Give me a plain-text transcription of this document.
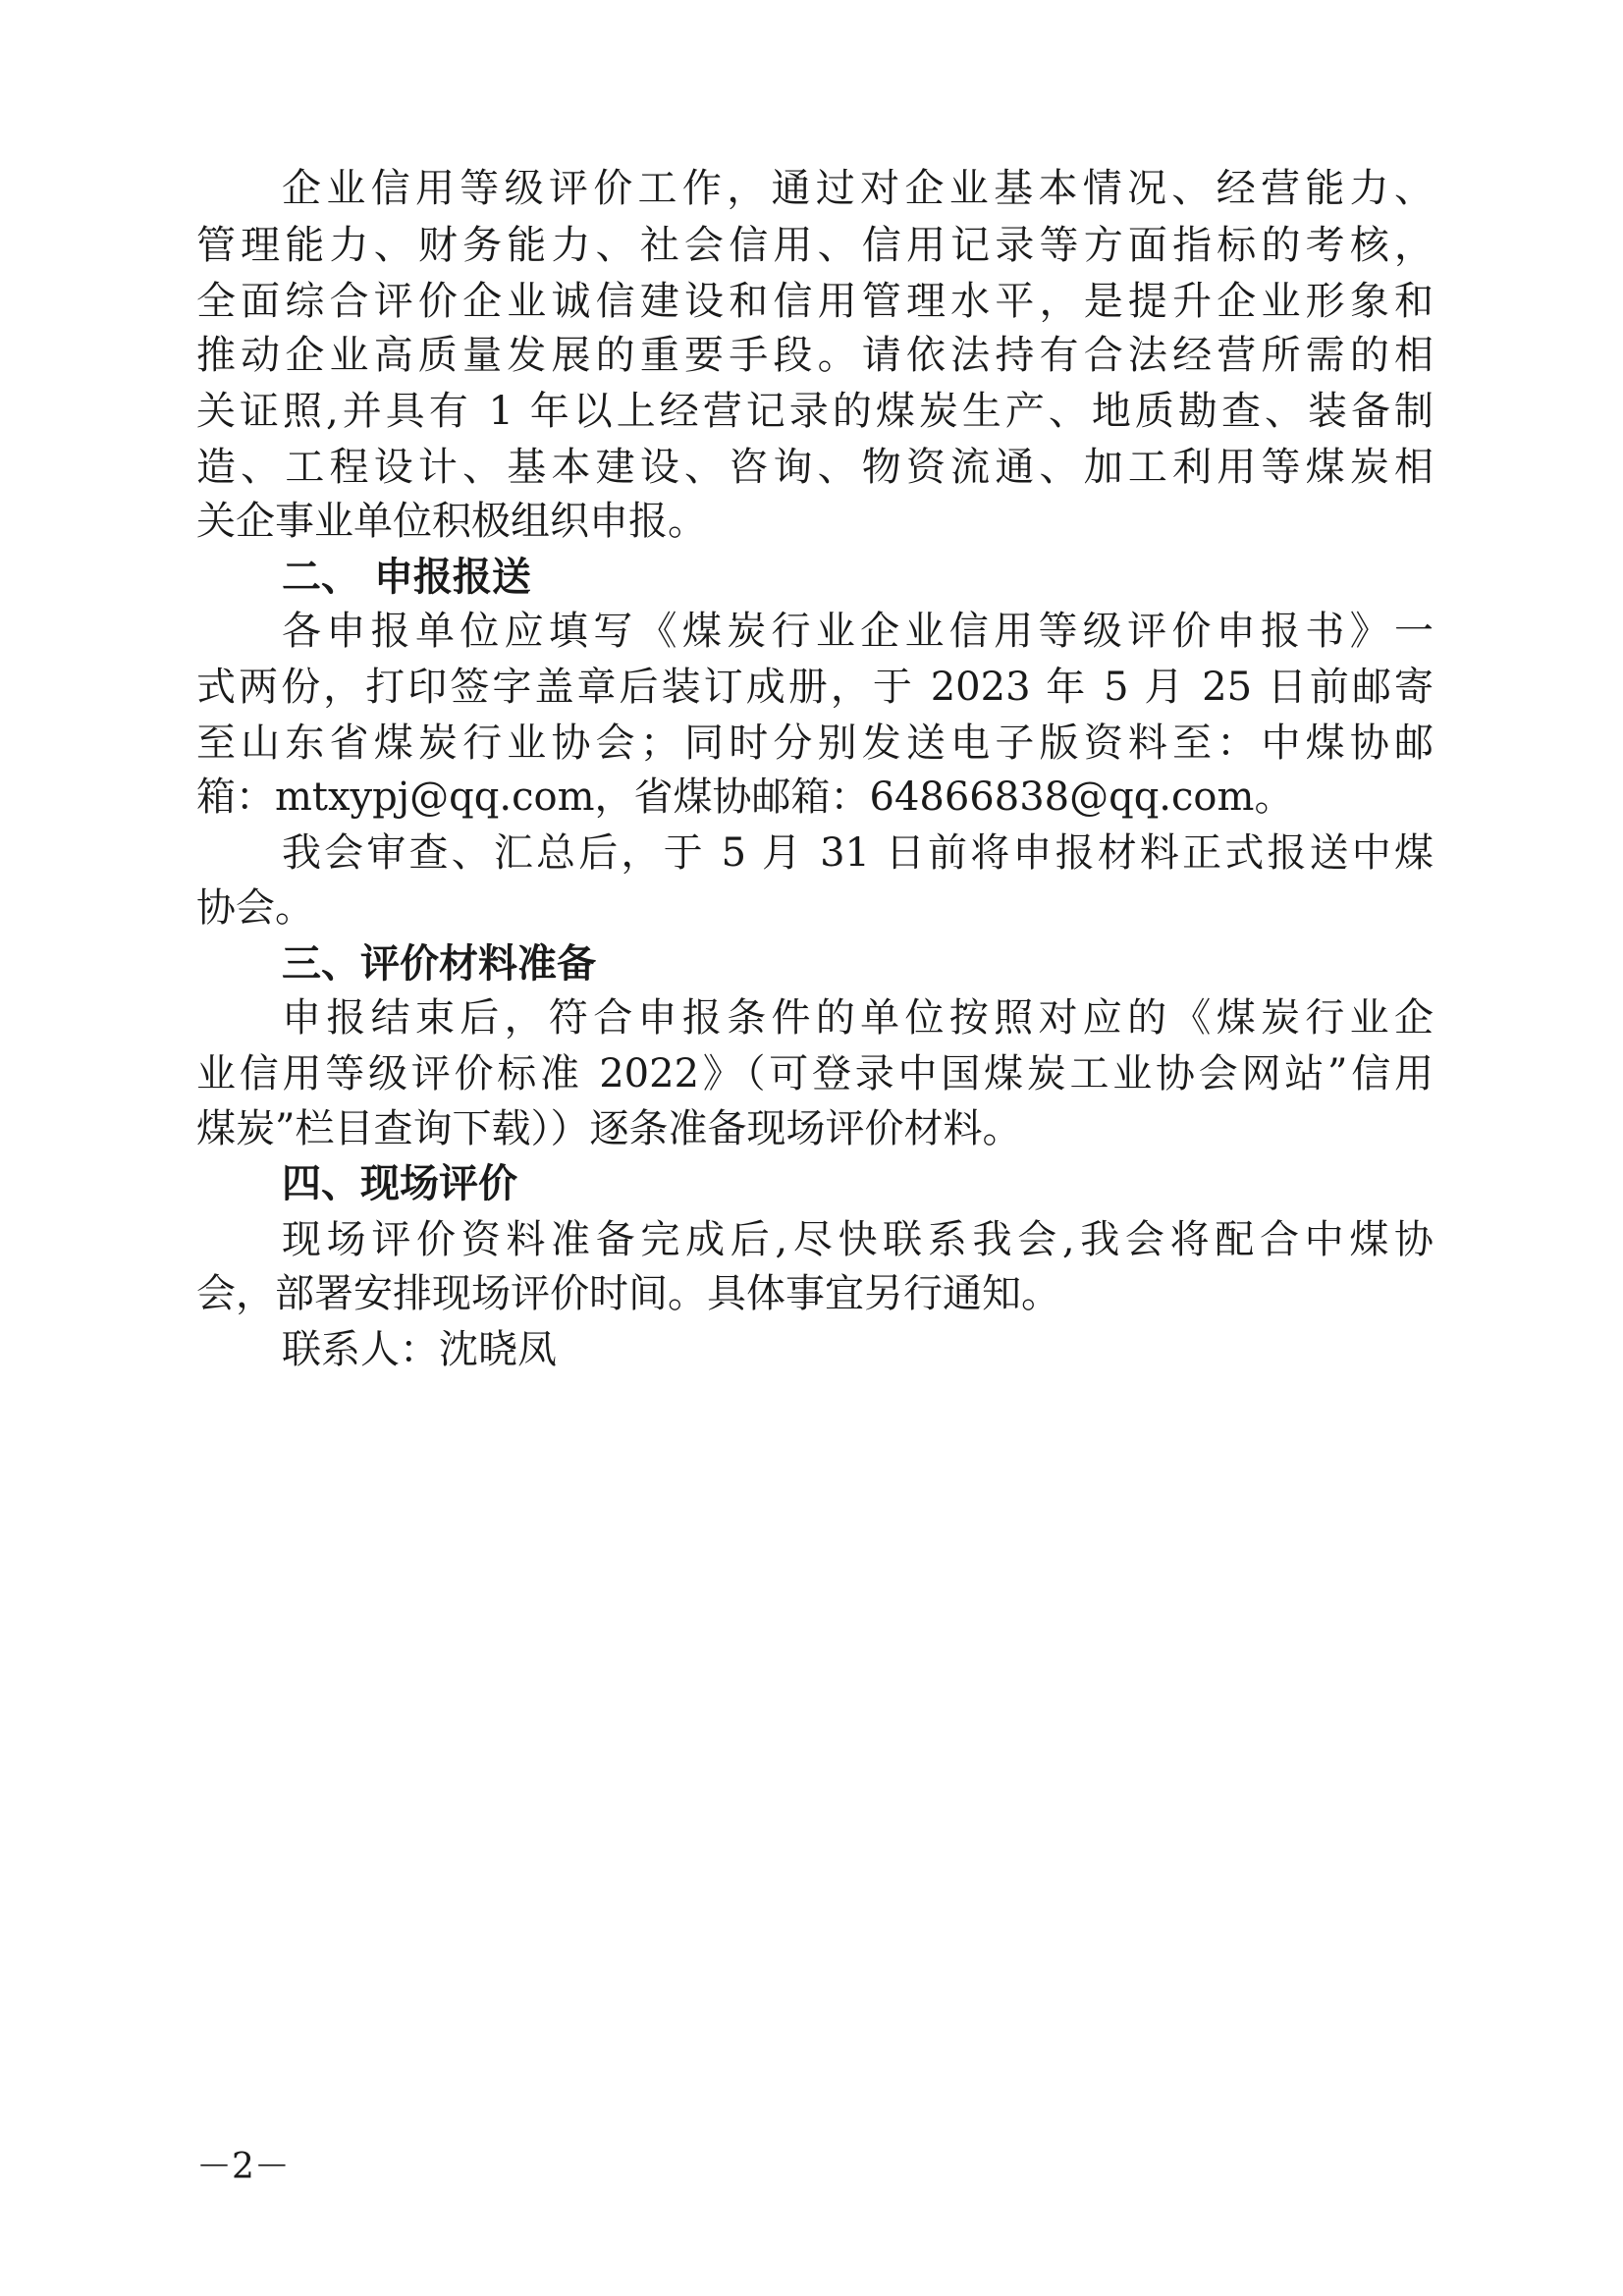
企业信用等级评价工作，通过对企业基本情况、经营能力、
管理能力、财务能力、社会信用、信用记录等方面指标的考核，
全面综合评价企业诚信建设和信用管理水平，是提升企业形象和
推动企业高质量发展的重要手段。请依法持有合法经营所需的相
关证照,并具有 1 年以上经营记录的煤炭生产、地质勘查、装备制
造、工程设计、基本建设、咨询、物资流通、加工利用等煤炭相
关企事业单位积极组织申报。
二、 申报报送
各申报单位应填写《煤炭行业企业信用等级评价申报书》一
式两份，打印签字盖章后装订成册，于 2023 年 5 月 25 日前邮寄
至山东省煤炭行业协会；同时分别发送电子版资料至：中煤协邮
箱：mtxypj@qq.com，省煤协邮箱：64866838@qq.com。
我会审查、汇总后，于 5 月 31 日前将申报材料正式报送中煤
协会。
三、评价材料准备
申报结束后，符合申报条件的单位按照对应的《煤炭行业企
业信用等级评价标准 2022》（可登录中国煤炭工业协会网站”信用
煤炭”栏目查询下载））逐条准备现场评价材料。
四、现场评价
现场评价资料准备完成后,尽快联系我会,我会将配合中煤协
会，部署安排现场评价时间。具体事宜另行通知。
联系人：沈晓凤
－2－
